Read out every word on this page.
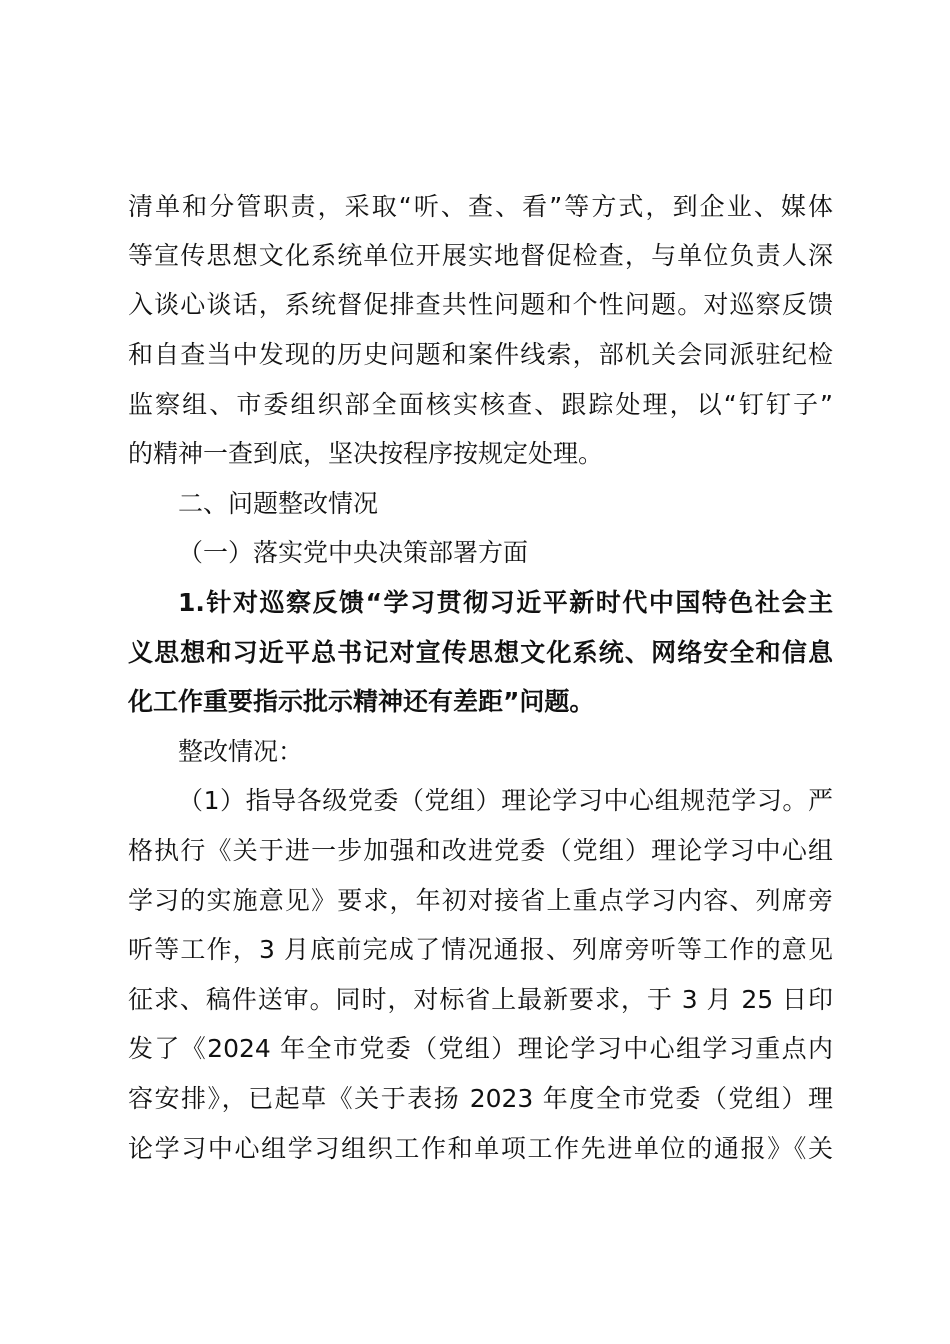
清单和分管职责，采取“听、查、看”等方式，到企业、媒体
等宣传思想文化系统单位开展实地督促检查，与单位负责人深
入谈心谈话，系统督促排查共性问题和个性问题。对巡察反馈
和自查当中发现的历史问题和案件线索，部机关会同派驻纪检
监察组、市委组织部全面核实核查、跟踪处理，以“钉钉子”
的精神一查到底，坚决按程序按规定处理。
二、问题整改情况
（一）落实党中央决策部署方面
1.针对巡察反馈“学习贯彻习近平新时代中国特色社会主
义思想和习近平总书记对宣传思想文化系统、网络安全和信息
化工作重要指示批示精神还有差距”问题。
整改情况：
（1）指导各级党委（党组）理论学习中心组规范学习。严
格执行《关于进一步加强和改进党委（党组）理论学习中心组
学习的实施意见》要求，年初对接省上重点学习内容、列席旁
听等工作，3 月底前完成了情况通报、列席旁听等工作的意见
征求、稿件送审。同时，对标省上最新要求，于 3 月 25 日印
发了《2024 年全市党委（党组）理论学习中心组学习重点内
容安排》，已起草《关于表扬 2023 年度全市党委（党组）理
论学习中心组学习组织工作和单项工作先进单位的通报》《关
